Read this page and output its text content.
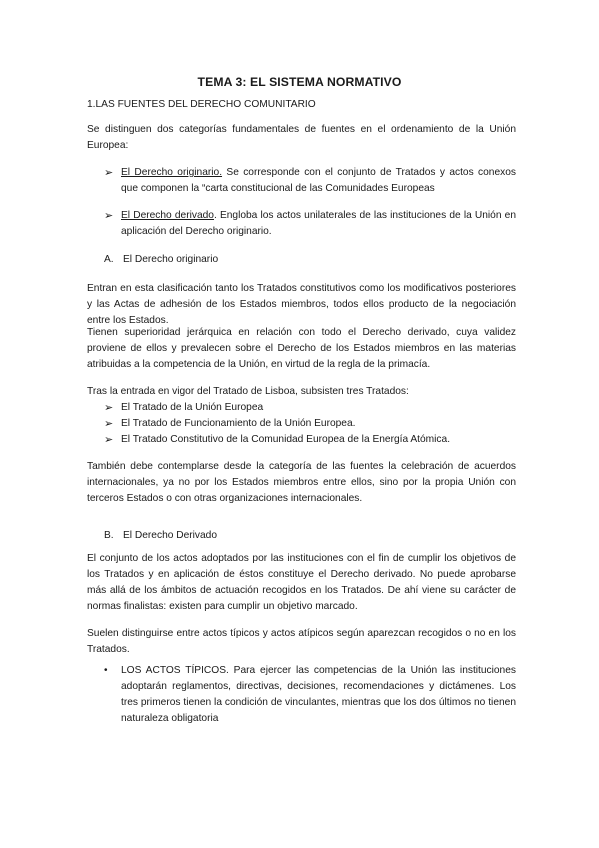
TEMA 3: EL SISTEMA NORMATIVO
1.LAS FUENTES DEL DERECHO COMUNITARIO
Se distinguen dos categorías fundamentales de fuentes en el ordenamiento de la Unión Europea:
➢ El Derecho originario. Se corresponde con el conjunto de Tratados y actos conexos que componen la “carta constitucional de las Comunidades Europeas
➢ El Derecho derivado. Engloba los actos unilaterales de las instituciones de la Unión en aplicación del Derecho originario.
A. El Derecho originario
Entran en esta clasificación tanto los Tratados constitutivos como los modificativos posteriores y las Actas de adhesión de los Estados miembros, todos ellos producto de la negociación entre los Estados.
Tienen superioridad jerárquica en relación con todo el Derecho derivado, cuya validez proviene de ellos y prevalecen sobre el Derecho de los Estados miembros en las materias atribuidas a la competencia de la Unión, en virtud de la regla de la primacía.
Tras la entrada en vigor del Tratado de Lisboa, subsisten tres Tratados:
➢ El Tratado de la Unión Europea
➢ El Tratado de Funcionamiento de la Unión Europea.
➢ El Tratado Constitutivo de la Comunidad Europea de la Energía Atómica.
También debe contemplarse desde la categoría de las fuentes la celebración de acuerdos internacionales, ya no por los Estados miembros entre ellos, sino por la propia Unión con terceros Estados o con otras organizaciones internacionales.
B. El Derecho Derivado
El conjunto de los actos adoptados por las instituciones con el fin de cumplir los objetivos de los Tratados y en aplicación de éstos constituye el Derecho derivado. No puede aprobarse más allá de los ámbitos de actuación recogidos en los Tratados. De ahí viene su carácter de normas finalistas: existen para cumplir un objetivo marcado.
Suelen distinguirse entre actos típicos y actos atípicos según aparezcan recogidos o no en los Tratados.
• LOS ACTOS TÍPICOS. Para ejercer las competencias de la Unión las instituciones adoptarán reglamentos, directivas, decisiones, recomendaciones y dictámenes. Los tres primeros tienen la condición de vinculantes, mientras que los dos últimos no tienen naturaleza obligatoria
